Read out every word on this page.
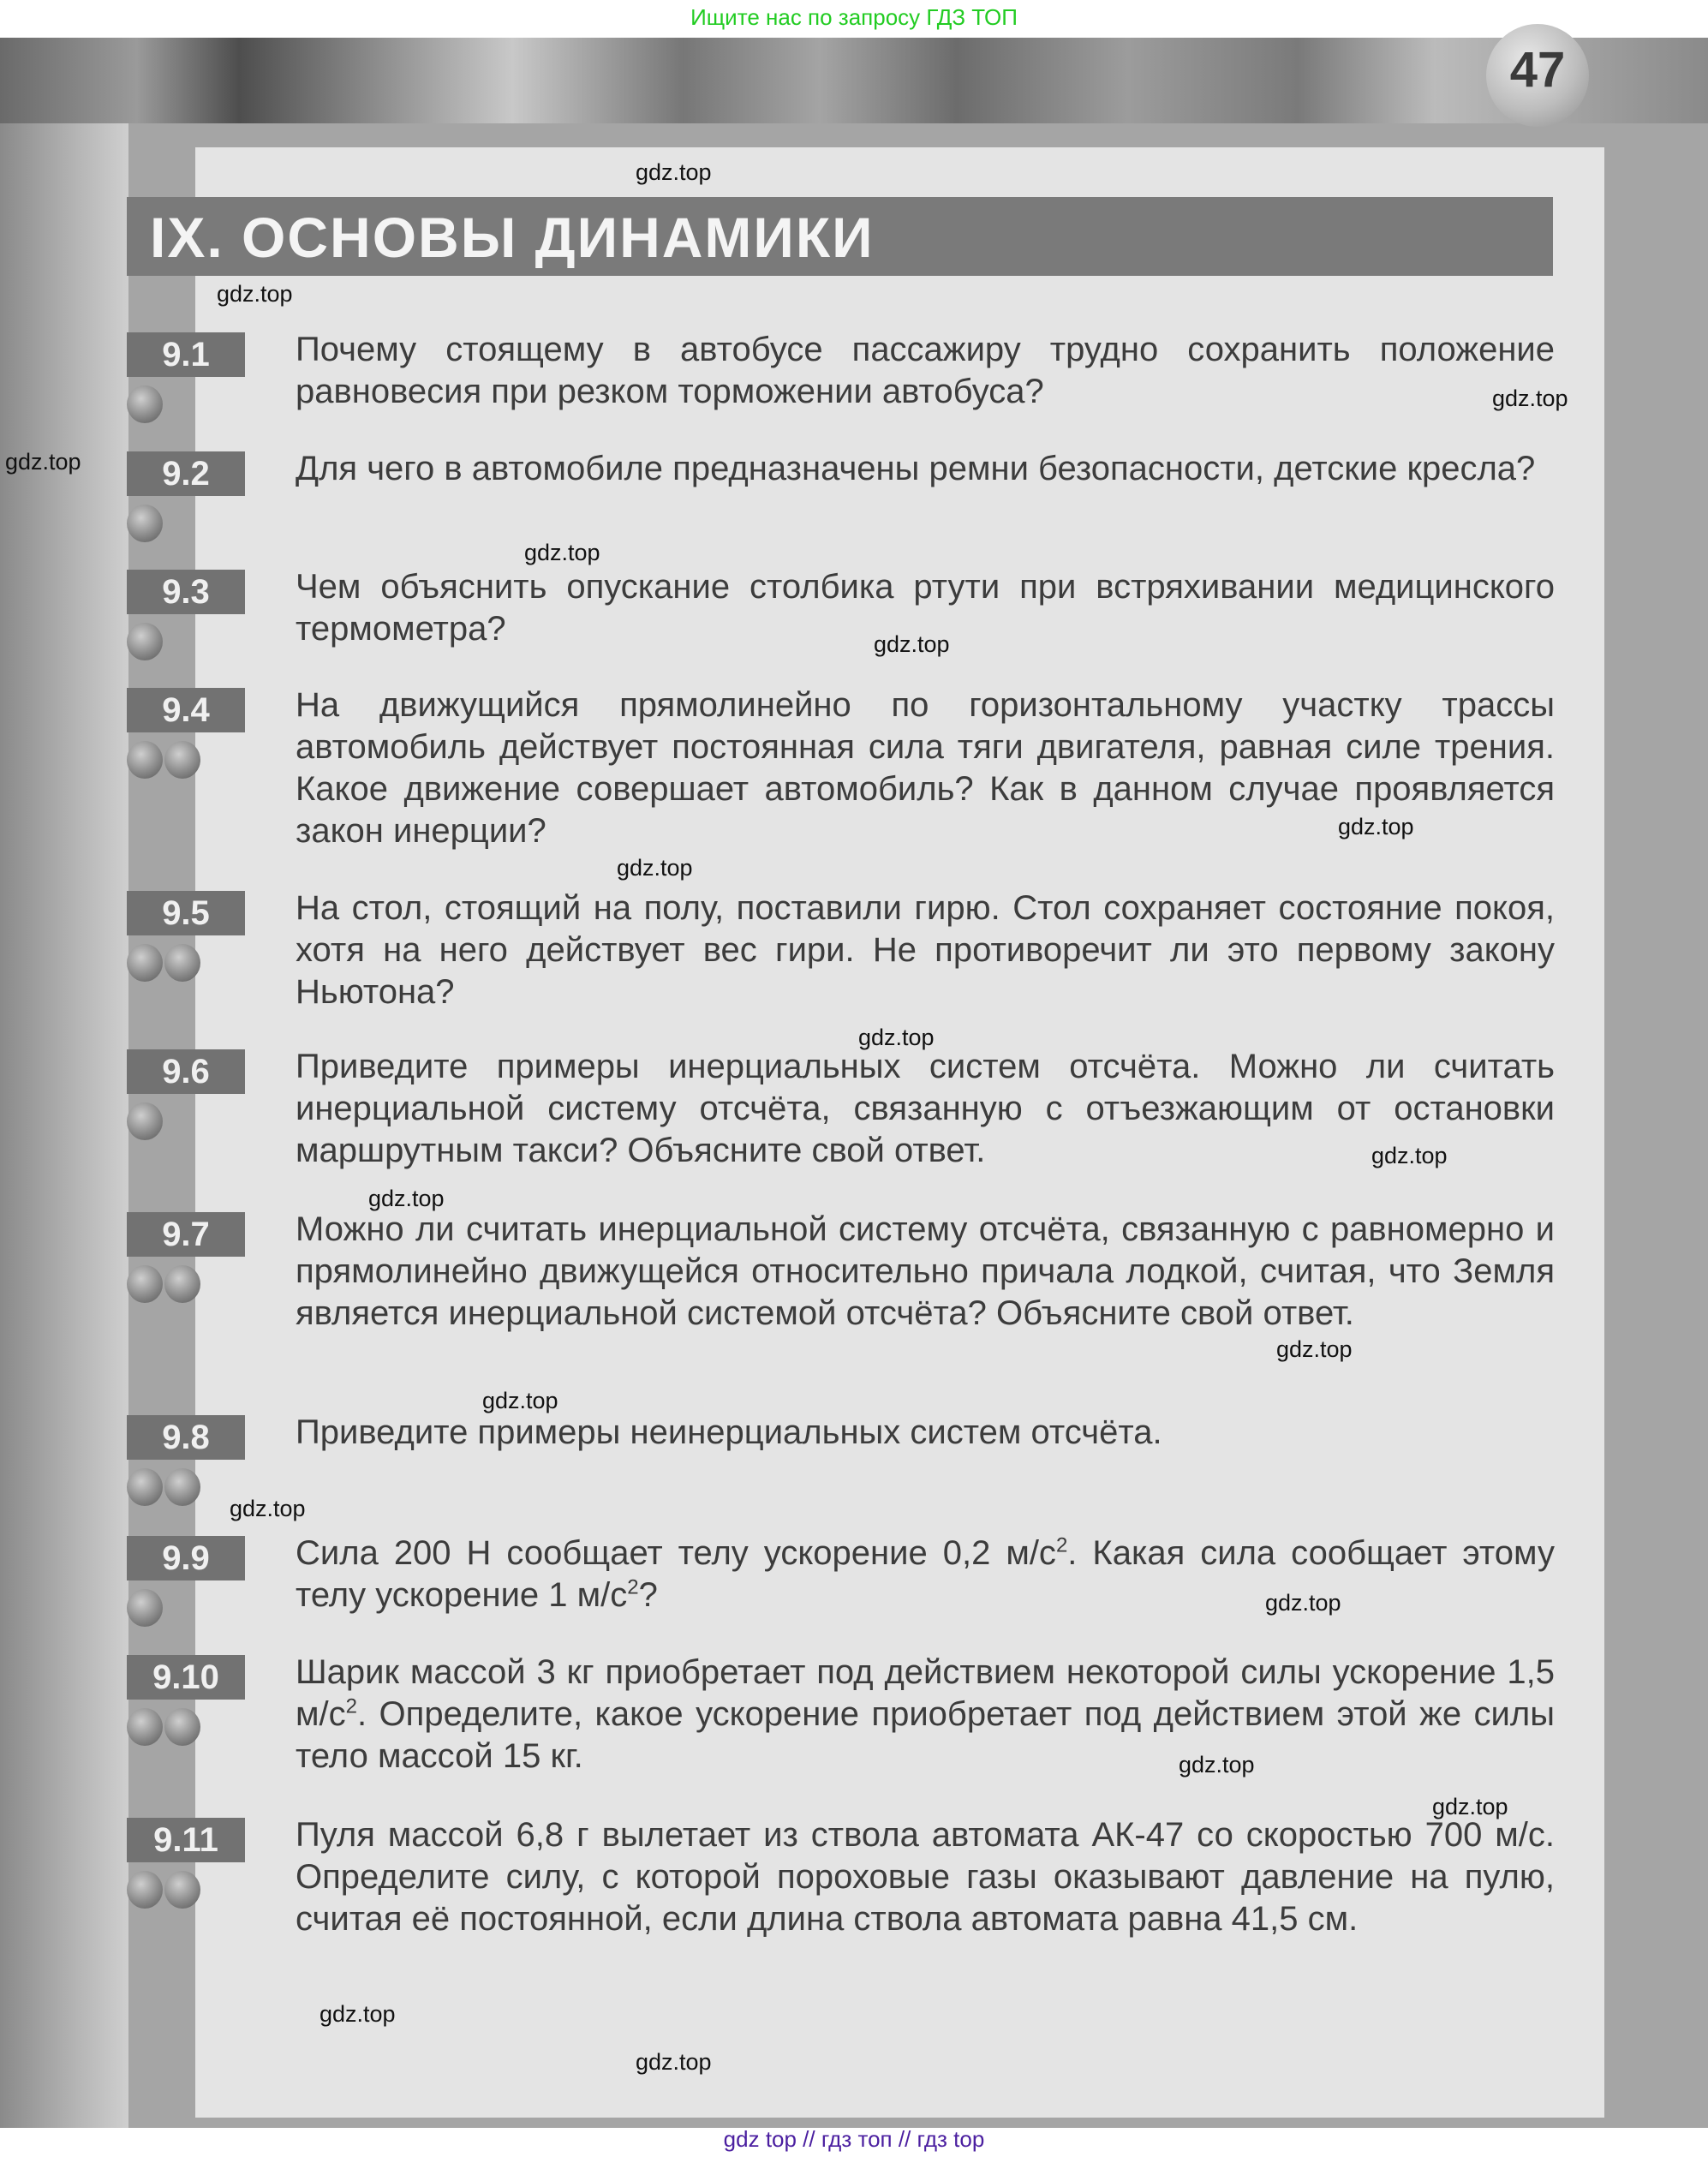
Ищите нас по запросу ГДЗ ТОП
47
IX. ОСНОВЫ ДИНАМИКИ
9.1	Почему стоящему в автобусе пассажиру трудно сохранить положение равновесия при резком торможении автобуса?
9.2	Для чего в автомобиле предназначены ремни безопасности, детские кресла?
9.3	Чем объяснить опускание столбика ртути при встряхивании медицинского термометра?
9.4	На движущийся прямолинейно по горизонтальному участку трассы автомобиль действует постоянная сила тяги двигателя, равная силе трения. Какое движение совершает автомобиль? Как в данном случае проявляется закон инерции?
9.5	На стол, стоящий на полу, поставили гирю. Стол сохраняет состояние покоя, хотя на него действует вес гири. Не противоречит ли это первому закону Ньютона?
9.6	Приведите примеры инерциальных систем отсчёта. Можно ли считать инерциальной систему отсчёта, связанную с отъезжающим от остановки маршрутным такси? Объясните свой ответ.
9.7	Можно ли считать инерциальной систему отсчёта, связанную с равномерно и прямолинейно движущейся относительно причала лодкой, считая, что Земля является инерциальной системой отсчёта? Объясните свой ответ.
9.8	Приведите примеры неинерциальных систем отсчёта.
9.9	Сила 200 Н сообщает телу ускорение 0,2 $м/с^2$. Какая сила сообщает этому телу ускорение 1 $м/с^2$?
9.10	Шарик массой 3 кг приобретает под действием некоторой силы ускорение 1,5 $м/с^2$. Определите, какое ускорение приобретает под действием этой же силы тело массой 15 кг.
9.11	Пуля массой 6,8 г вылетает из ствола автомата АК-47 со скоростью 700 м/с. Определите силу, с которой пороховые газы оказывают давление на пулю, считая её постоянной, если длина ствола автомата равна 41,5 см.
gdz.top
gdz.top
gdz.top
gdz.top
gdz.top
gdz.top
gdz.top
gdz.top
gdz.top
gdz.top
gdz.top
gdz.top
gdz.top
gdz.top
gdz.top
gdz.top
gdz.top
gdz.top
gdz.top
gdz top // гдз топ // гдз top
